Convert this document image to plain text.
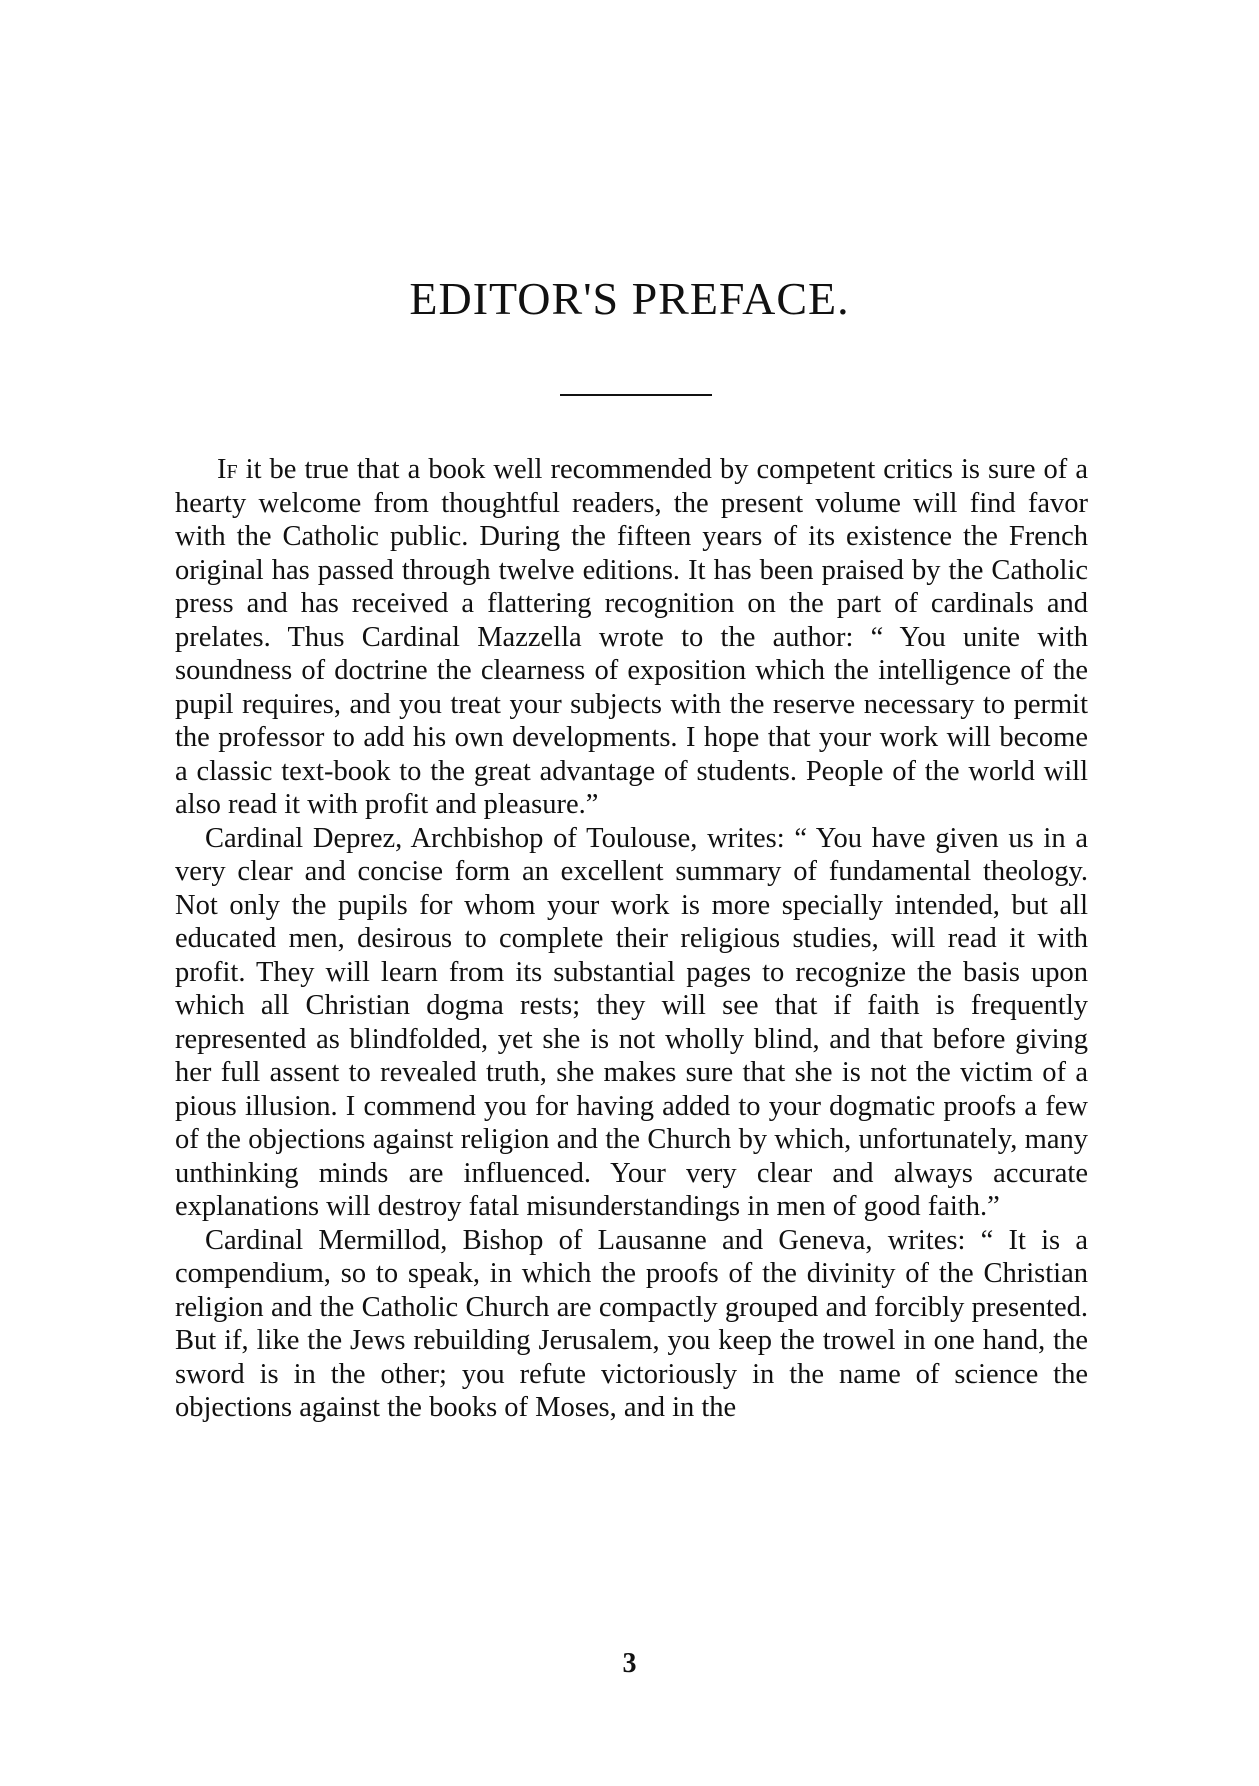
EDITOR'S PREFACE.

If it be true that a book well recommended by competent critics is sure of a hearty welcome from thoughtful readers, the present volume will find favor with the Catholic public. During the fifteen years of its existence the French original has passed through twelve editions. It has been praised by the Catholic press and has received a flattering recognition on the part of cardinals and prelates. Thus Cardinal Mazzella wrote to the author: “ You unite with soundness of doctrine the clearness of exposition which the intelligence of the pupil requires, and you treat your subjects with the reserve necessary to permit the professor to add his own developments. I hope that your work will become a classic text-book to the great advantage of students. People of the world will also read it with profit and pleasure.”

Cardinal Deprez, Archbishop of Toulouse, writes: “ You have given us in a very clear and concise form an excellent summary of fundamental theology. Not only the pupils for whom your work is more specially intended, but all educated men, desirous to complete their religious studies, will read it with profit. They will learn from its substantial pages to recognize the basis upon which all Christian dogma rests; they will see that if faith is frequently represented as blindfolded, yet she is not wholly blind, and that before giving her full assent to revealed truth, she makes sure that she is not the victim of a pious illusion. I commend you for having added to your dogmatic proofs a few of the objections against religion and the Church by which, unfortunately, many unthinking minds are influenced. Your very clear and always accurate explanations will destroy fatal misunderstandings in men of good faith.”

Cardinal Mermillod, Bishop of Lausanne and Geneva, writes: “ It is a compendium, so to speak, in which the proofs of the divinity of the Christian religion and the Catholic Church are compactly grouped and forcibly presented. But if, like the Jews rebuilding Jerusalem, you keep the trowel in one hand, the sword is in the other; you refute victoriously in the name of science the objections against the books of Moses, and in the

3
